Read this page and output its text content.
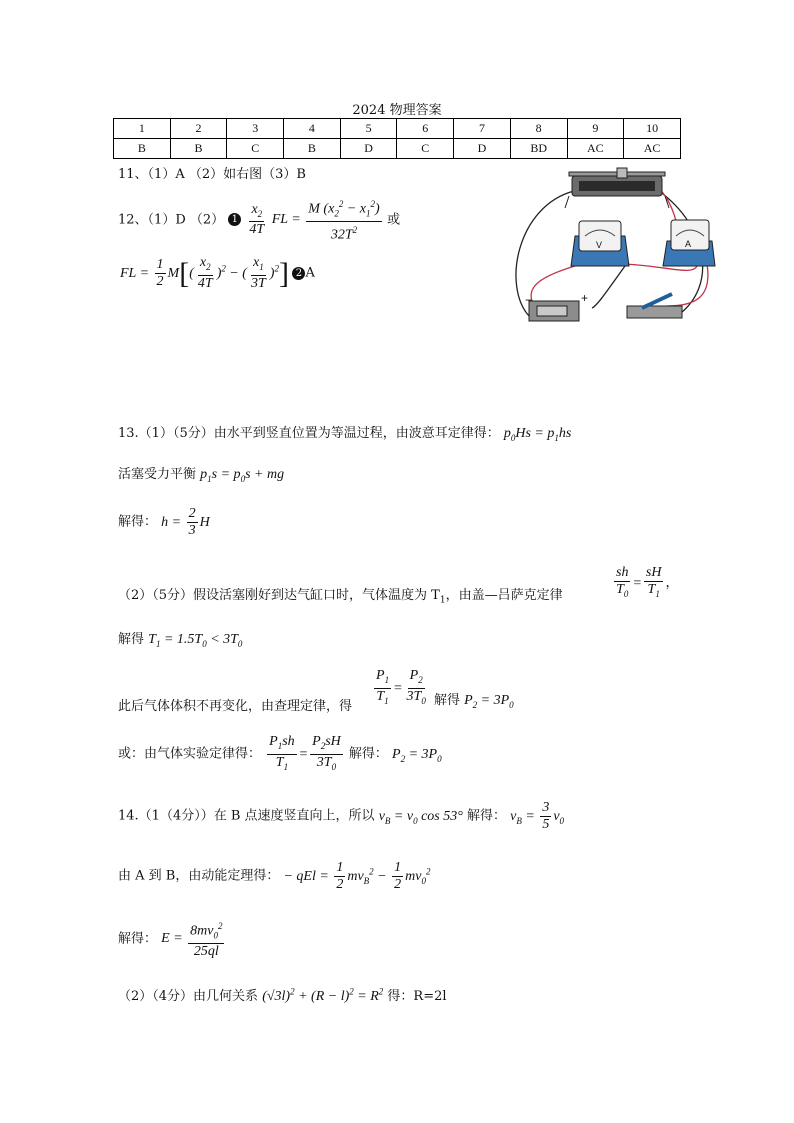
2024 物理答案
1	2	3	4	5	6	7	8	9	10
B	B	C	B	D	C	D	BD	AC	AC
11、（1）A （2）如右图（3）B
12、（1）D （2） $1 \frac{x_2}{4T}$ FL = $\frac{M (x_2^2 - x_1^2)}{32T^2}$ 或
FL = $\frac{1}{2} M[( \frac{x_2}{4T} )^2$ − ( $\frac{x_1}{3T} )^2$] 2 A
V	A
−	+
13.（1）（5分）由水平到竖直位置为等温过程，由波意耳定律得： $p_0Hs = p_1hs$
活塞受力平衡 $p_1s = p_0s$ + mg
解得： $h = \frac{2}{3}$ H
（2）（5分）假设活塞刚好到达气缸口时，气体温度为 $T_1$，由盖—吕萨克定律	$\frac{sh}{T_0} = \frac{sH}{T_1}$ ，
解得 $T_1 = 1.5T_0 < 3T_0$
此后气体体积不再变化，由查理定律，得 $\frac{P_1}{T_1} = \frac{P_2}{3T_0}$ 解得 $P_2 = 3P_0$
或：由气体实验定律得： $\frac{P_1sh}{T_1} = \frac{P_2sH}{3T_0}$ 解得： $P_2 = 3P_0$
14.（1（4分））在 B 点速度竖直向上，所以 $v_B = v_0$ cos 53° 解得： $v_B = \frac{3}{5} v_0$
由 A 到 B，由动能定理得： − qEl = $\frac{1}{2} mv_B^2 - \frac{1}{2} mv_0^2$
解得： $E = \frac{8mv_0^2}{25ql}$
（2）（4分）由几何关系 $(√3l)^2 + (R - l)^2 = R^2$ 得：R=2l
